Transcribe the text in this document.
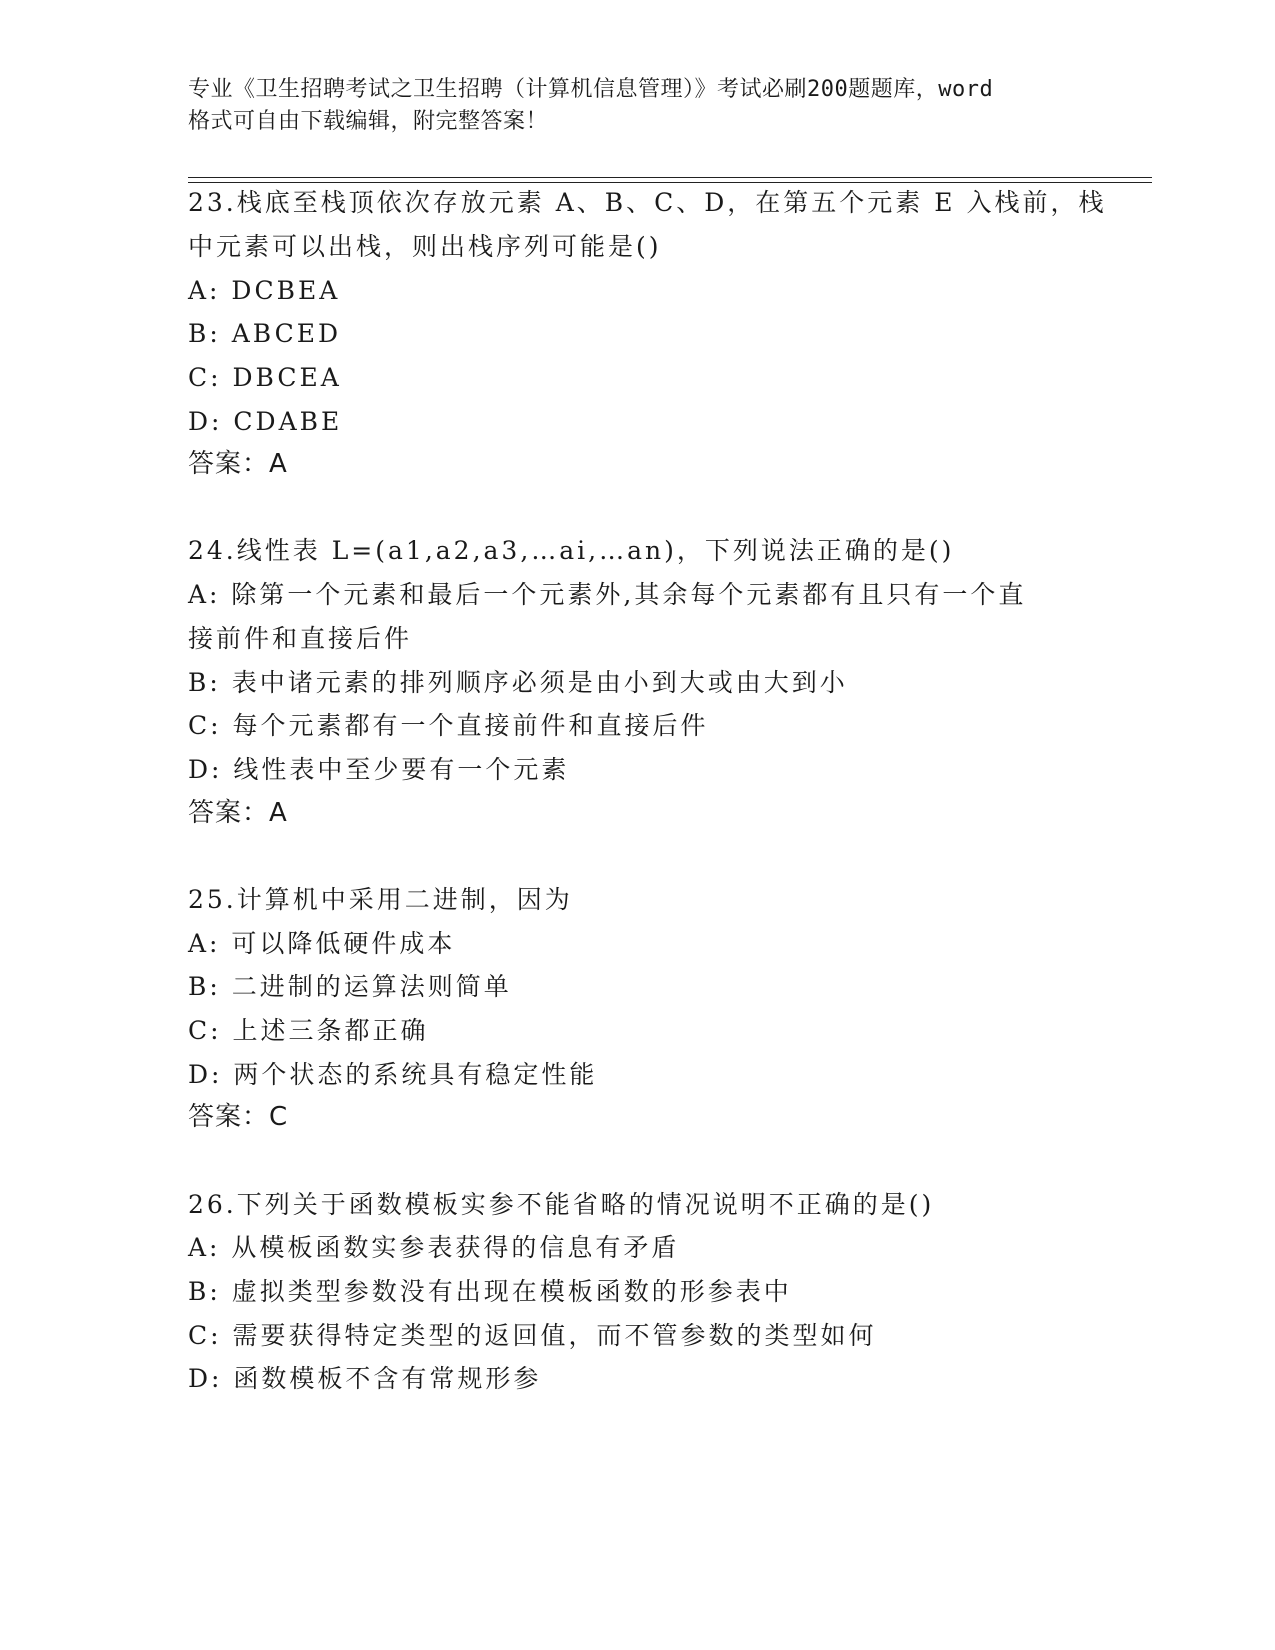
专业《卫生招聘考试之卫生招聘（计算机信息管理）》考试必刷200题题库，word
格式可自由下载编辑，附完整答案！
23.栈底至栈顶依次存放元素 A、B、C、D，在第五个元素 E 入栈前，栈
中元素可以出栈，则出栈序列可能是()
A: DCBEA
B: ABCED
C: DBCEA
D: CDABE
答案：A
24.线性表 L=(a1,a2,a3,…ai,…an)，下列说法正确的是()
A: 除第一个元素和最后一个元素外,其余每个元素都有且只有一个直
接前件和直接后件
B: 表中诸元素的排列顺序必须是由小到大或由大到小
C: 每个元素都有一个直接前件和直接后件
D: 线性表中至少要有一个元素
答案：A
25.计算机中采用二进制，因为
A: 可以降低硬件成本
B: 二进制的运算法则简单
C: 上述三条都正确
D: 两个状态的系统具有稳定性能
答案：C
26.下列关于函数模板实参不能省略的情况说明不正确的是()
A: 从模板函数实参表获得的信息有矛盾
B: 虚拟类型参数没有出现在模板函数的形参表中
C: 需要获得特定类型的返回值，而不管参数的类型如何
D: 函数模板不含有常规形参
